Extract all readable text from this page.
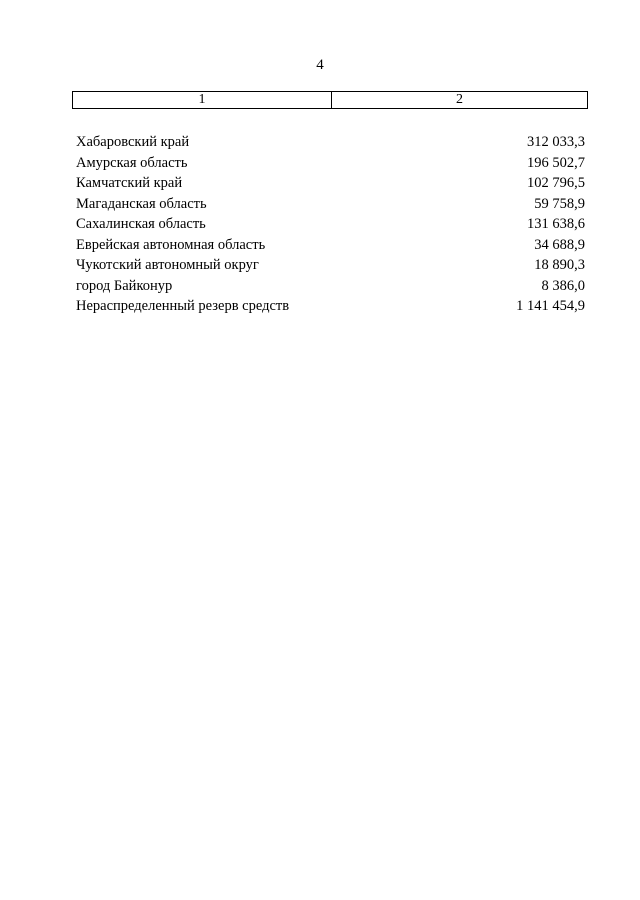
4
1	2
Хабаровский край	312 033,3
Амурская область	196 502,7
Камчатский край	102 796,5
Магаданская область	59 758,9
Сахалинская область	131 638,6
Еврейская автономная область	34 688,9
Чукотский автономный округ	18 890,3
город Байконур	8 386,0
Нераспределенный резерв средств	1 141 454,9
